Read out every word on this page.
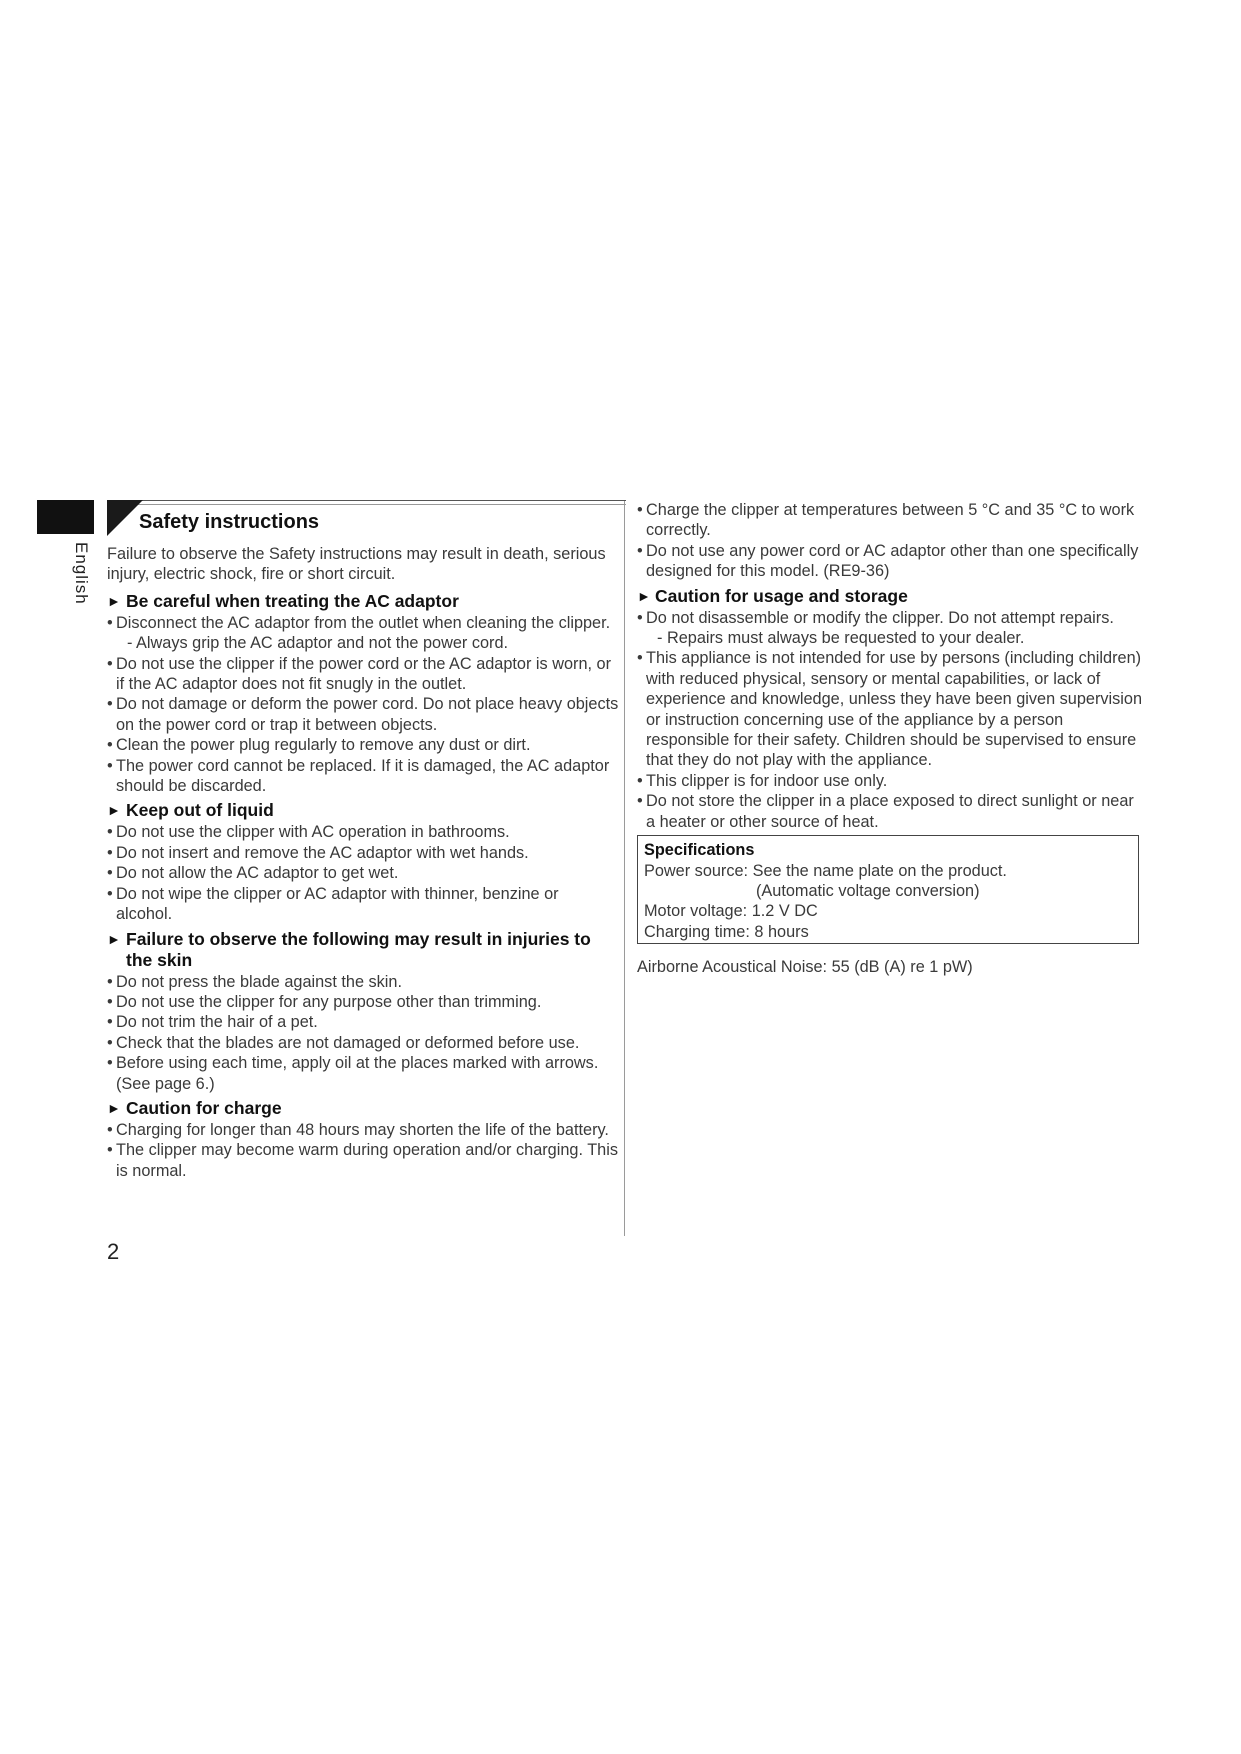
English
Safety instructions
Failure to observe the Safety instructions may result in death, serious injury, electric shock, fire or short circuit.
► Be careful when treating the AC adaptor
• Disconnect the AC adaptor from the outlet when cleaning the clipper.
- Always grip the AC adaptor and not the power cord.
• Do not use the clipper if the power cord or the AC adaptor is worn, or if the AC adaptor does not fit snugly in the outlet.
• Do not damage or deform the power cord. Do not place heavy objects on the power cord or trap it between objects.
• Clean the power plug regularly to remove any dust or dirt.
• The power cord cannot be replaced. If it is damaged, the AC adaptor should be discarded.
► Keep out of liquid
• Do not use the clipper with AC operation in bathrooms.
• Do not insert and remove the AC adaptor with wet hands.
• Do not allow the AC adaptor to get wet.
• Do not wipe the clipper or AC adaptor with thinner, benzine or alcohol.
► Failure to observe the following may result in injuries to the skin
• Do not press the blade against the skin.
• Do not use the clipper for any purpose other than trimming.
• Do not trim the hair of a pet.
• Check that the blades are not damaged or deformed before use.
• Before using each time, apply oil at the places marked with arrows. (See page 6.)
► Caution for charge
• Charging for longer than 48 hours may shorten the life of the battery.
• The clipper may become warm during operation and/or charging. This is normal.
• Charge the clipper at temperatures between 5 °C and 35 °C to work correctly.
• Do not use any power cord or AC adaptor other than one specifically designed for this model. (RE9-36)
► Caution for usage and storage
• Do not disassemble or modify the clipper. Do not attempt repairs.
- Repairs must always be requested to your dealer.
• This appliance is not intended for use by persons (including children) with reduced physical, sensory or mental capabilities, or lack of experience and knowledge, unless they have been given supervision or instruction concerning use of the appliance by a person responsible for their safety. Children should be supervised to ensure that they do not play with the appliance.
• This clipper is for indoor use only.
• Do not store the clipper in a place exposed to direct sunlight or near a heater or other source of heat.
Specifications
Power source: See the name plate on the product.
(Automatic voltage conversion)
Motor voltage: 1.2 V DC
Charging time: 8 hours
Airborne Acoustical Noise: 55 (dB (A) re 1 pW)
2
